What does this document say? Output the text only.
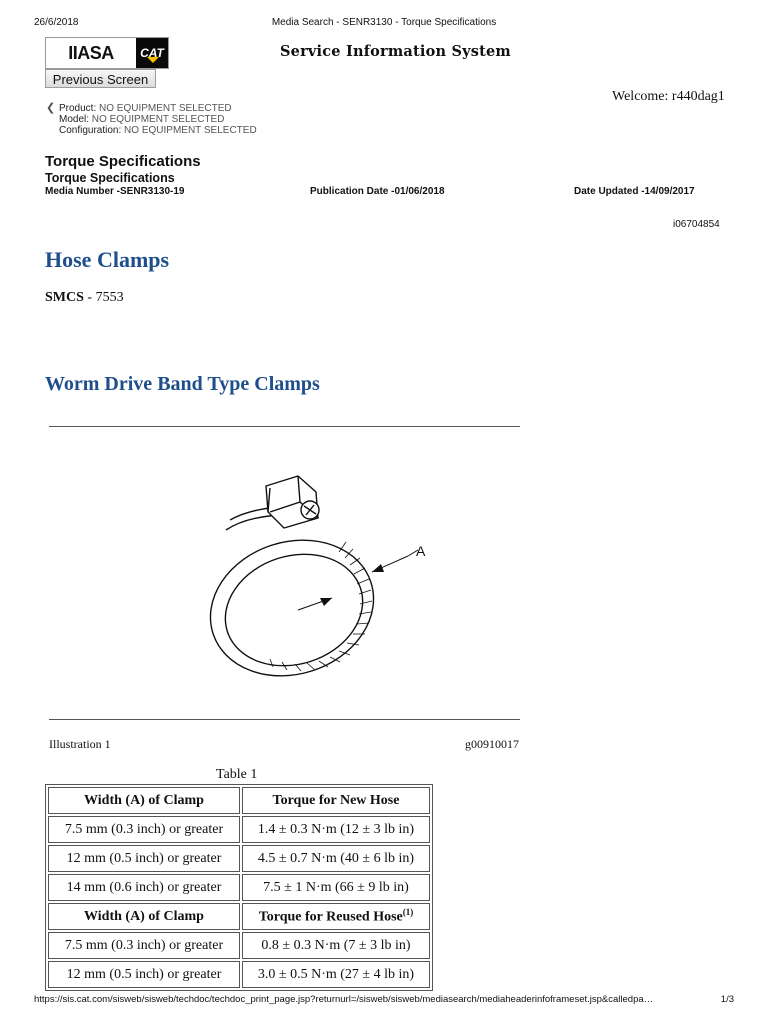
26/6/2018	Media Search - SENR3130 - Torque Specifications
IIASA	CAT
Previous Screen
Service Information System
Welcome: r440dag1
❮ Product: NO EQUIPMENT SELECTED
Model: NO EQUIPMENT SELECTED
Configuration: NO EQUIPMENT SELECTED
Torque Specifications
Torque Specifications
Media Number -SENR3130-19	Publication Date -01/06/2018	Date Updated -14/09/2017
i06704854
Hose Clamps
SMCS - 7553
Worm Drive Band Type Clamps
A
Illustration 1	g00910017
Table 1
Width (A) of Clamp	Torque for New Hose
7.5 mm (0.3 inch) or greater	1.4 ± 0.3 N·m (12 ± 3 lb in)
12 mm (0.5 inch) or greater	4.5 ± 0.7 N·m (40 ± 6 lb in)
14 mm (0.6 inch) or greater	7.5 ± 1 N·m (66 ± 9 lb in)
Width (A) of Clamp	Torque for Reused Hose$^{(1)}$
7.5 mm (0.3 inch) or greater	0.8 ± 0.3 N·m (7 ± 3 lb in)
12 mm (0.5 inch) or greater	3.0 ± 0.5 N·m (27 ± 4 lb in)
https://sis.cat.com/sisweb/sisweb/techdoc/techdoc_print_page.jsp?returnurl=/sisweb/sisweb/mediasearch/mediaheaderinfoframeset.jsp&calledpa…	1/3
